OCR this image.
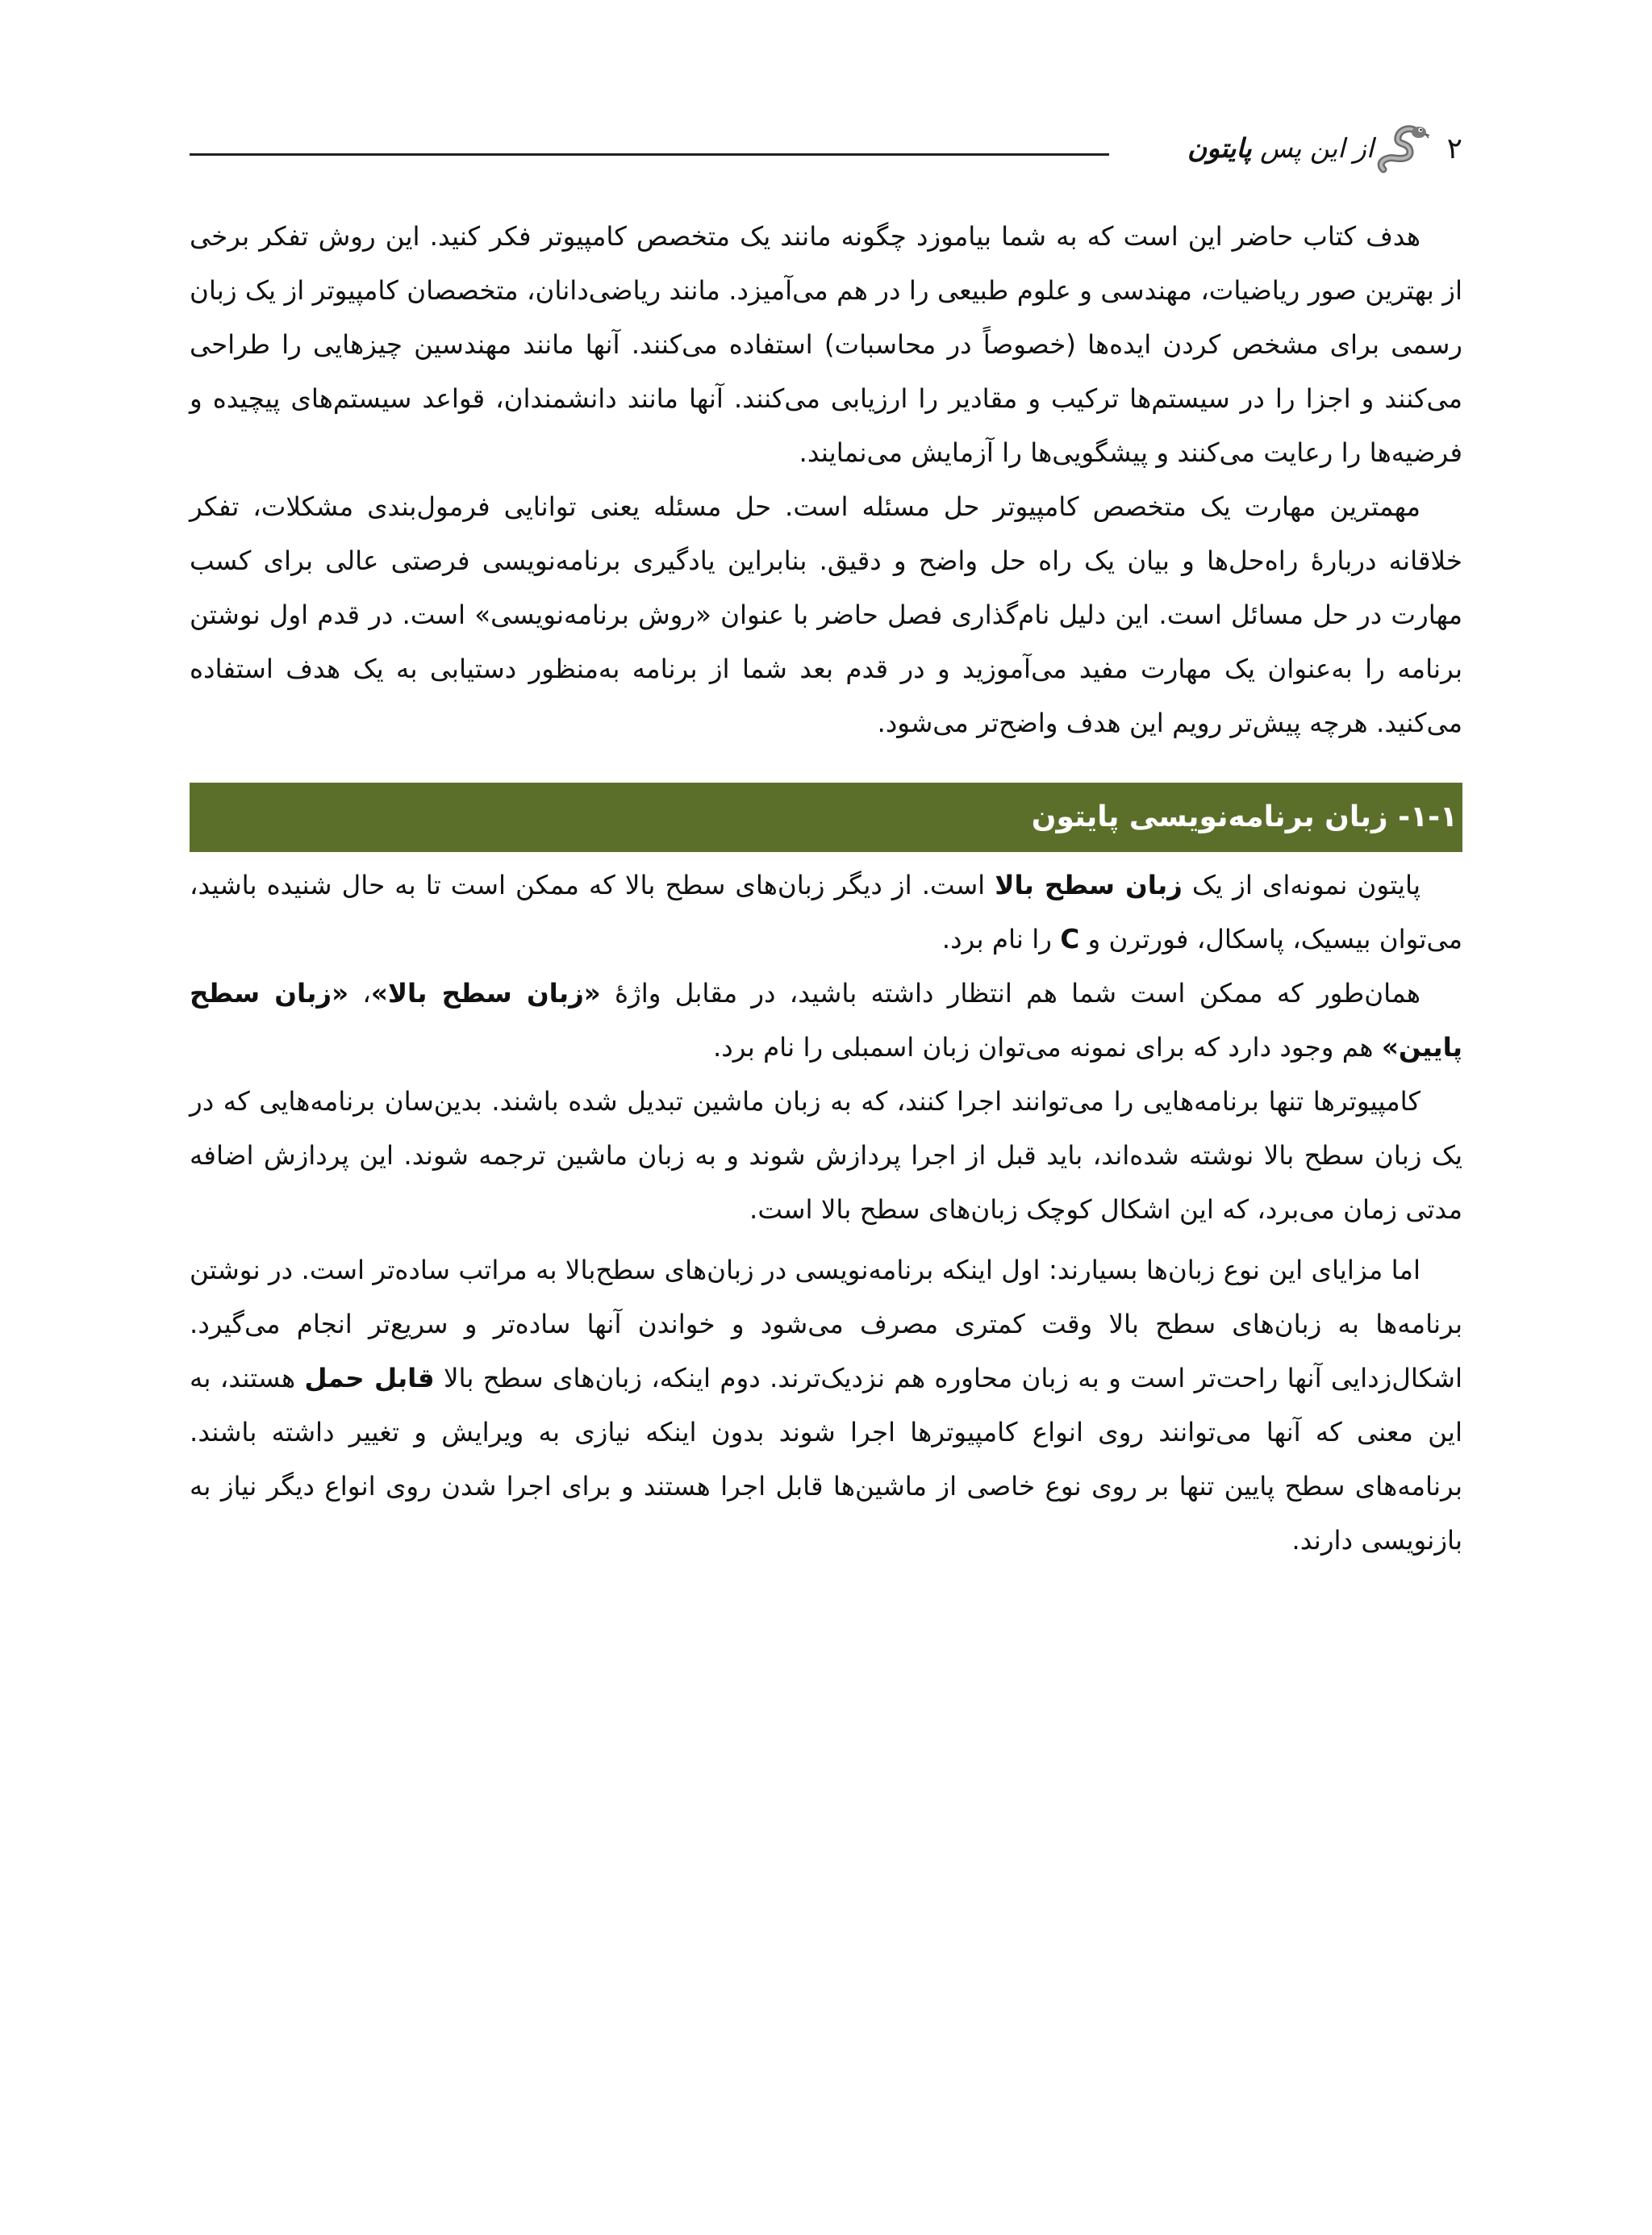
از این پس پایتون	۲

هدف کتاب حاضر این است که به شما بیاموزد چگونه مانند یک متخصص کامپیوتر فکر کنید. این روش تفکر برخی از بهترین صور ریاضیات، مهندسی و علوم طبیعی را در هم می‌آمیزد. مانند ریاضی‌دانان، متخصصان کامپیوتر از یک زبان رسمی برای مشخص کردن ایده‌ها (خصوصاً در محاسبات) استفاده می‌کنند. آنها مانند مهندسین چیزهایی را طراحی می‌کنند و اجزا را در سیستم‌ها ترکیب و مقادیر را ارزیابی می‌کنند. آنها مانند دانشمندان، قواعد سیستم‌های پیچیده و فرضیه‌ها را رعایت می‌کنند و پیشگویی‌ها را آزمایش می‌نمایند.

مهمترین مهارت یک متخصص کامپیوتر حل مسئله است. حل مسئله یعنی توانایی فرمول‌بندی مشکلات، تفکر خلاقانه دربارهٔ راه‌حل‌ها و بیان یک راه حل واضح و دقیق. بنابراین یادگیری برنامه‌نویسی فرصتی عالی برای کسب مهارت در حل مسائل است. این دلیل نام‌گذاری فصل حاضر با عنوان «روش برنامه‌نویسی» است. در قدم اول نوشتن برنامه را به‌عنوان یک مهارت مفید می‌آموزید و در قدم بعد شما از برنامه به‌منظور دستیابی به یک هدف استفاده می‌کنید. هرچه پیش‌تر رویم این هدف واضح‌تر می‌شود.

۱-۱- زبان برنامه‌نویسی پایتون

پایتون نمونه‌ای از یک زبان سطح بالا است. از دیگر زبان‌های سطح بالا که ممکن است تا به حال شنیده باشید، می‌توان بیسیک، پاسکال، فورترن و C را نام برد.

همان‌طور که ممکن است شما هم انتظار داشته باشید، در مقابل واژهٔ «زبان سطح بالا»، «زبان سطح پایین» هم وجود دارد که برای نمونه می‌توان زبان اسمبلی را نام برد.

کامپیوترها تنها برنامه‌هایی را می‌توانند اجرا کنند، که به زبان ماشین تبدیل شده باشند. بدین‌سان برنامه‌هایی که در یک زبان سطح بالا نوشته شده‌اند، باید قبل از اجرا پردازش شوند و به زبان ماشین ترجمه شوند. این پردازش اضافه مدتی زمان می‌برد، که این اشکال کوچک زبان‌های سطح بالا است.

اما مزایای این نوع زبان‌ها بسیارند: اول اینکه برنامه‌نویسی در زبان‌های سطح‌بالا به مراتب ساده‌تر است. در نوشتن برنامه‌ها به زبان‌های سطح بالا وقت کمتری مصرف می‌شود و خواندن آنها ساده‌تر و سریع‌تر انجام می‌گیرد. اشکال‌زدایی آنها راحت‌تر است و به زبان محاوره هم نزدیک‌ترند. دوم اینکه، زبان‌های سطح بالا قابل حمل هستند، به این معنی که آنها می‌توانند روی انواع کامپیوترها اجرا شوند بدون اینکه نیازی به ویرایش و تغییر داشته باشند. برنامه‌های سطح پایین تنها بر روی نوع خاصی از ماشین‌ها قابل اجرا هستند و برای اجرا شدن روی انواع دیگر نیاز به بازنویسی دارند.
